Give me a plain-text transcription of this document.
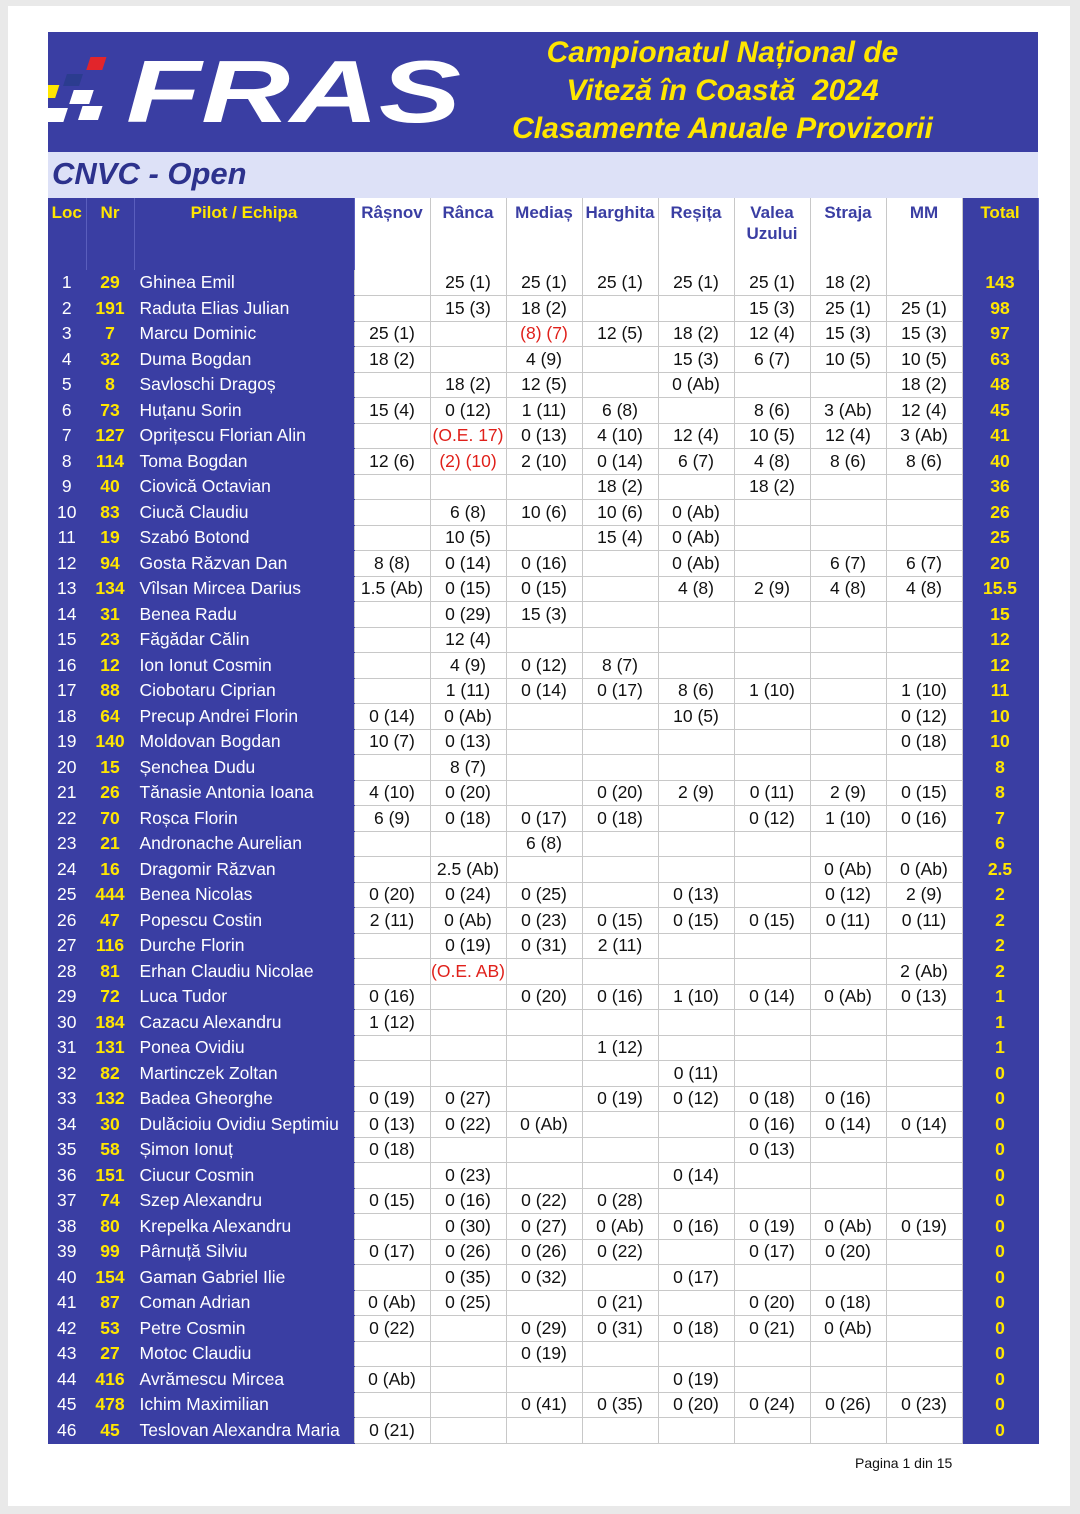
FRAS	Campionatul Național de
Viteză în Coastă  2024
Clasamente Anuale Provizorii
CNVC - Open
Loc	Nr	Pilot / Echipa	Râșnov	Rânca	Mediaș	Harghita	Reșița	Valea Uzului	Straja	MM	Total
1	29	Ghinea Emil		25 (1)	25 (1)	25 (1)	25 (1)	25 (1)	18 (2)		143
2	191	Raduta Elias Julian		15 (3)	18 (2)			15 (3)	25 (1)	25 (1)	98
3	7	Marcu Dominic	25 (1)		(8) (7)	12 (5)	18 (2)	12 (4)	15 (3)	15 (3)	97
4	32	Duma Bogdan	18 (2)		4 (9)		15 (3)	6 (7)	10 (5)	10 (5)	63
5	8	Savloschi Dragoș		18 (2)	12 (5)		0 (Ab)			18 (2)	48
6	73	Huțanu Sorin	15 (4)	0 (12)	1 (11)	6 (8)		8 (6)	3 (Ab)	12 (4)	45
7	127	Oprițescu Florian Alin		(O.E. 17)	0 (13)	4 (10)	12 (4)	10 (5)	12 (4)	3 (Ab)	41
8	114	Toma Bogdan	12 (6)	(2) (10)	2 (10)	0 (14)	6 (7)	4 (8)	8 (6)	8 (6)	40
9	40	Ciovică Octavian				18 (2)		18 (2)			36
10	83	Ciucă Claudiu		6 (8)	10 (6)	10 (6)	0 (Ab)				26
11	19	Szabó Botond		10 (5)		15 (4)	0 (Ab)				25
12	94	Gosta Răzvan Dan	8 (8)	0 (14)	0 (16)		0 (Ab)		6 (7)	6 (7)	20
13	134	Vîlsan Mircea Darius	1.5 (Ab)	0 (15)	0 (15)		4 (8)	2 (9)	4 (8)	4 (8)	15.5
14	31	Benea Radu		0 (29)	15 (3)						15
15	23	Făgădar Călin		12 (4)							12
16	12	Ion Ionut Cosmin		4 (9)	0 (12)	8 (7)					12
17	88	Ciobotaru Ciprian		1 (11)	0 (14)	0 (17)	8 (6)	1 (10)		1 (10)	11
18	64	Precup Andrei Florin	0 (14)	0 (Ab)			10 (5)			0 (12)	10
19	140	Moldovan Bogdan	10 (7)	0 (13)						0 (18)	10
20	15	Șenchea Dudu		8 (7)							8
21	26	Tănasie Antonia Ioana	4 (10)	0 (20)		0 (20)	2 (9)	0 (11)	2 (9)	0 (15)	8
22	70	Roșca Florin	6 (9)	0 (18)	0 (17)	0 (18)		0 (12)	1 (10)	0 (16)	7
23	21	Andronache Aurelian			6 (8)						6
24	16	Dragomir Răzvan		2.5 (Ab)					0 (Ab)	0 (Ab)	2.5
25	444	Benea Nicolas	0 (20)	0 (24)	0 (25)		0 (13)		0 (12)	2 (9)	2
26	47	Popescu Costin	2 (11)	0 (Ab)	0 (23)	0 (15)	0 (15)	0 (15)	0 (11)	0 (11)	2
27	116	Durche Florin		0 (19)	0 (31)	2 (11)					2
28	81	Erhan Claudiu Nicolae		(O.E. AB)						2 (Ab)	2
29	72	Luca Tudor	0 (16)		0 (20)	0 (16)	1 (10)	0 (14)	0 (Ab)	0 (13)	1
30	184	Cazacu Alexandru	1 (12)								1
31	131	Ponea Ovidiu				1 (12)					1
32	82	Martinczek Zoltan					0 (11)				0
33	132	Badea Gheorghe	0 (19)	0 (27)		0 (19)	0 (12)	0 (18)	0 (16)		0
34	30	Dulăcioiu Ovidiu Septimiu	0 (13)	0 (22)	0 (Ab)			0 (16)	0 (14)	0 (14)	0
35	58	Șimon Ionuț	0 (18)					0 (13)			0
36	151	Ciucur Cosmin		0 (23)			0 (14)				0
37	74	Szep Alexandru	0 (15)	0 (16)	0 (22)	0 (28)					0
38	80	Krepelka Alexandru		0 (30)	0 (27)	0 (Ab)	0 (16)	0 (19)	0 (Ab)	0 (19)	0
39	99	Pârnuță Silviu	0 (17)	0 (26)	0 (26)	0 (22)		0 (17)	0 (20)		0
40	154	Gaman Gabriel Ilie		0 (35)	0 (32)		0 (17)				0
41	87	Coman Adrian	0 (Ab)	0 (25)		0 (21)		0 (20)	0 (18)		0
42	53	Petre Cosmin	0 (22)		0 (29)	0 (31)	0 (18)	0 (21)	0 (Ab)		0
43	27	Motoc Claudiu			0 (19)						0
44	416	Avrămescu Mircea	0 (Ab)				0 (19)				0
45	478	Ichim Maximilian			0 (41)	0 (35)	0 (20)	0 (24)	0 (26)	0 (23)	0
46	45	Teslovan Alexandra Maria	0 (21)								0
Pagina 1 din 15
